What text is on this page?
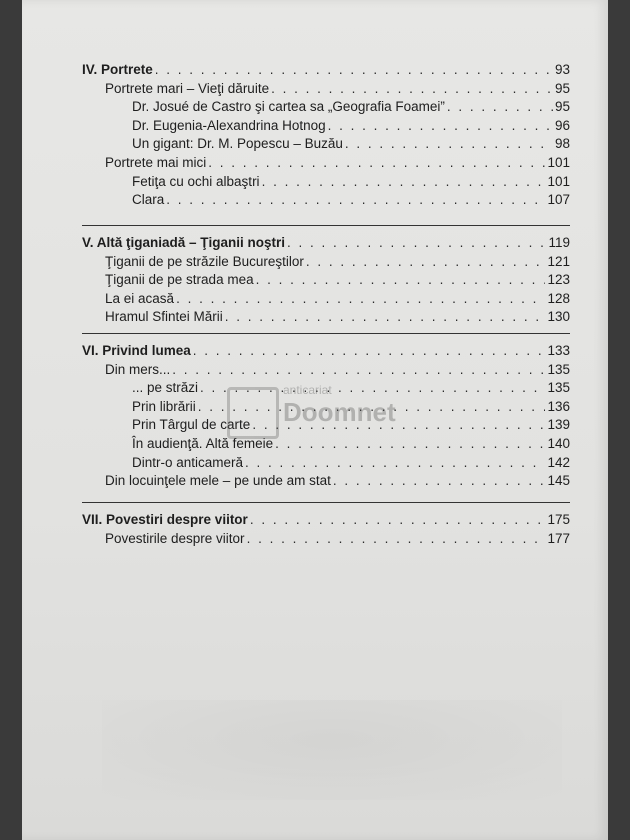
IV. Portrete . . .	93
Portrete mari – Vieţi dăruite . . .	95
Dr. Josué de Castro şi cartea sa „Geografia Foamei” . . .	95
Dr. Eugenia-Alexandrina Hotnog . . .	96
Un gigant: Dr. M. Popescu – Buzău . . .	98
Portrete mai mici . . .	101
Fetiţa cu ochi albaştri . . .	101
Clara . . .	107
V. Altă ţiganiadă – Ţiganii noştri . . .	119
Ţiganii de pe străzile Bucureştilor . . .	121
Ţiganii de pe strada mea . . .	123
La ei acasă . . .	128
Hramul Sfintei Mării . . .	130
VI. Privind lumea . . .	133
Din mers... . . .	135
... pe străzi . . .	135
Prin librării . . .	136
Prin Târgul de carte . . .	139
În audienţă. Altă femeie . . .	140
Dintr-o anticameră . . .	142
Din locuinţele mele – pe unde am stat . . .	145
VII. Povestiri despre viitor . . .	175
Povestirile despre viitor . . .	177
anticariat
Doomnet
